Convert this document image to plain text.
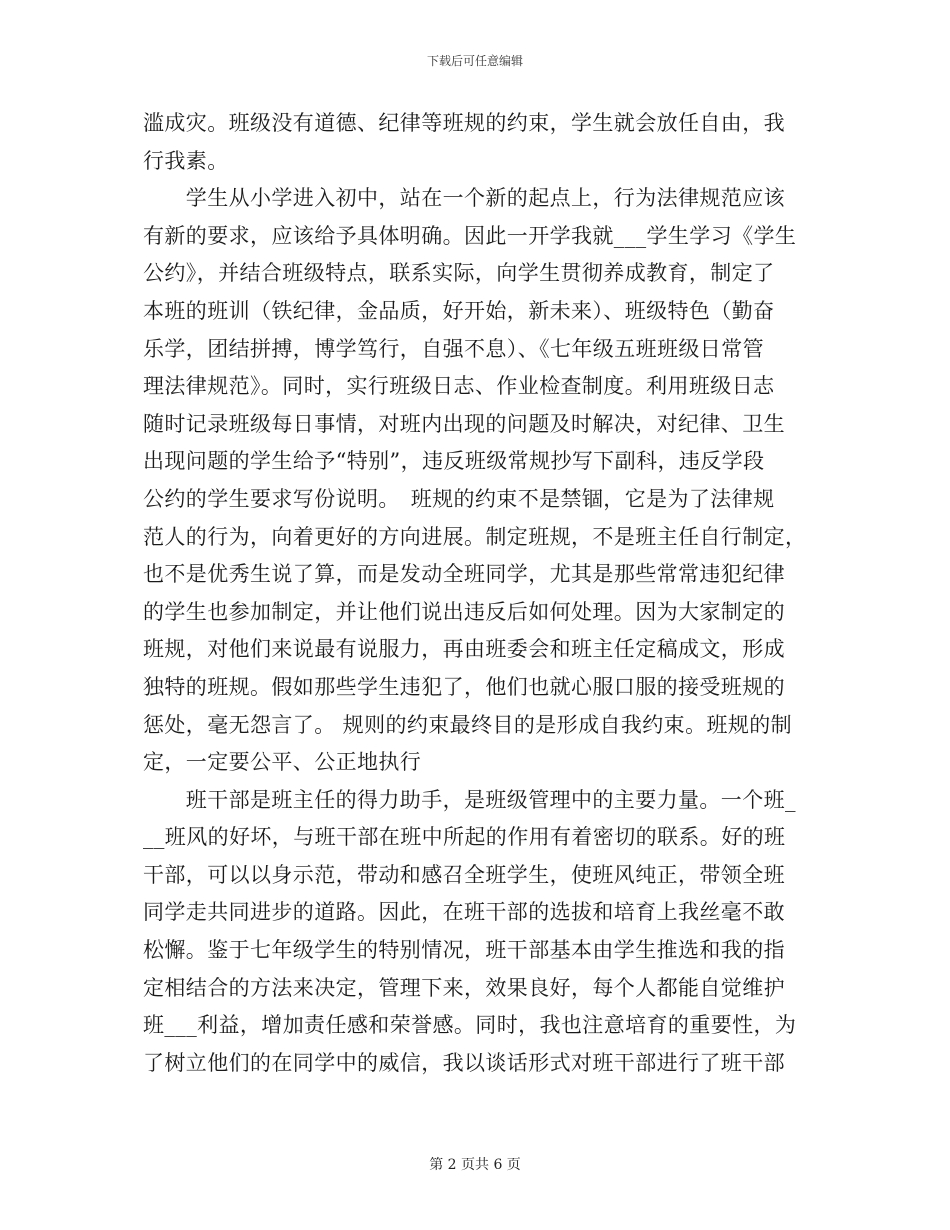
下载后可任意编辑
滥成灾。班级没有道德、纪律等班规的约束，学生就会放任自由，我
行我素。
　　学生从小学进入初中，站在一个新的起点上，行为法律规范应该
有新的要求，应该给予具体明确。因此一开学我就___学生学习《学生
公约》，并结合班级特点，联系实际，向学生贯彻养成教育，制定了
本班的班训（铁纪律，金品质，好开始，新未来）、班级特色（勤奋
乐学，团结拼搏，博学笃行，自强不息）、《七年级五班班级日常管
理法律规范》。同时，实行班级日志、作业检查制度。利用班级日志
随时记录班级每日事情，对班内出现的问题及时解决，对纪律、卫生
出现问题的学生给予“特别”，违反班级常规抄写下副科，违反学段
公约的学生要求写份说明。　班规的约束不是禁锢，它是为了法律规
范人的行为，向着更好的方向进展。制定班规，不是班主任自行制定，
也不是优秀生说了算，而是发动全班同学，尤其是那些常常违犯纪律
的学生也参加制定，并让他们说出违反后如何处理。因为大家制定的
班规，对他们来说最有说服力，再由班委会和班主任定稿成文，形成
独特的班规。假如那些学生违犯了，他们也就心服口服的接受班规的
惩处，毫无怨言了。 规则的约束最终目的是形成自我约束。班规的制
定，一定要公平、公正地执行
　　班干部是班主任的得力助手，是班级管理中的主要力量。一个班_
__班风的好坏，与班干部在班中所起的作用有着密切的联系。好的班
干部，可以以身示范，带动和感召全班学生，使班风纯正，带领全班
同学走共同进步的道路。因此，在班干部的选拔和培育上我丝毫不敢
松懈。鉴于七年级学生的特别情况，班干部基本由学生推选和我的指
定相结合的方法来决定，管理下来，效果良好，每个人都能自觉维护
班___利益，增加责任感和荣誉感。同时，我也注意培育的重要性，为
了树立他们的在同学中的威信，我以谈话形式对班干部进行了班干部
第 2 页共 6 页
